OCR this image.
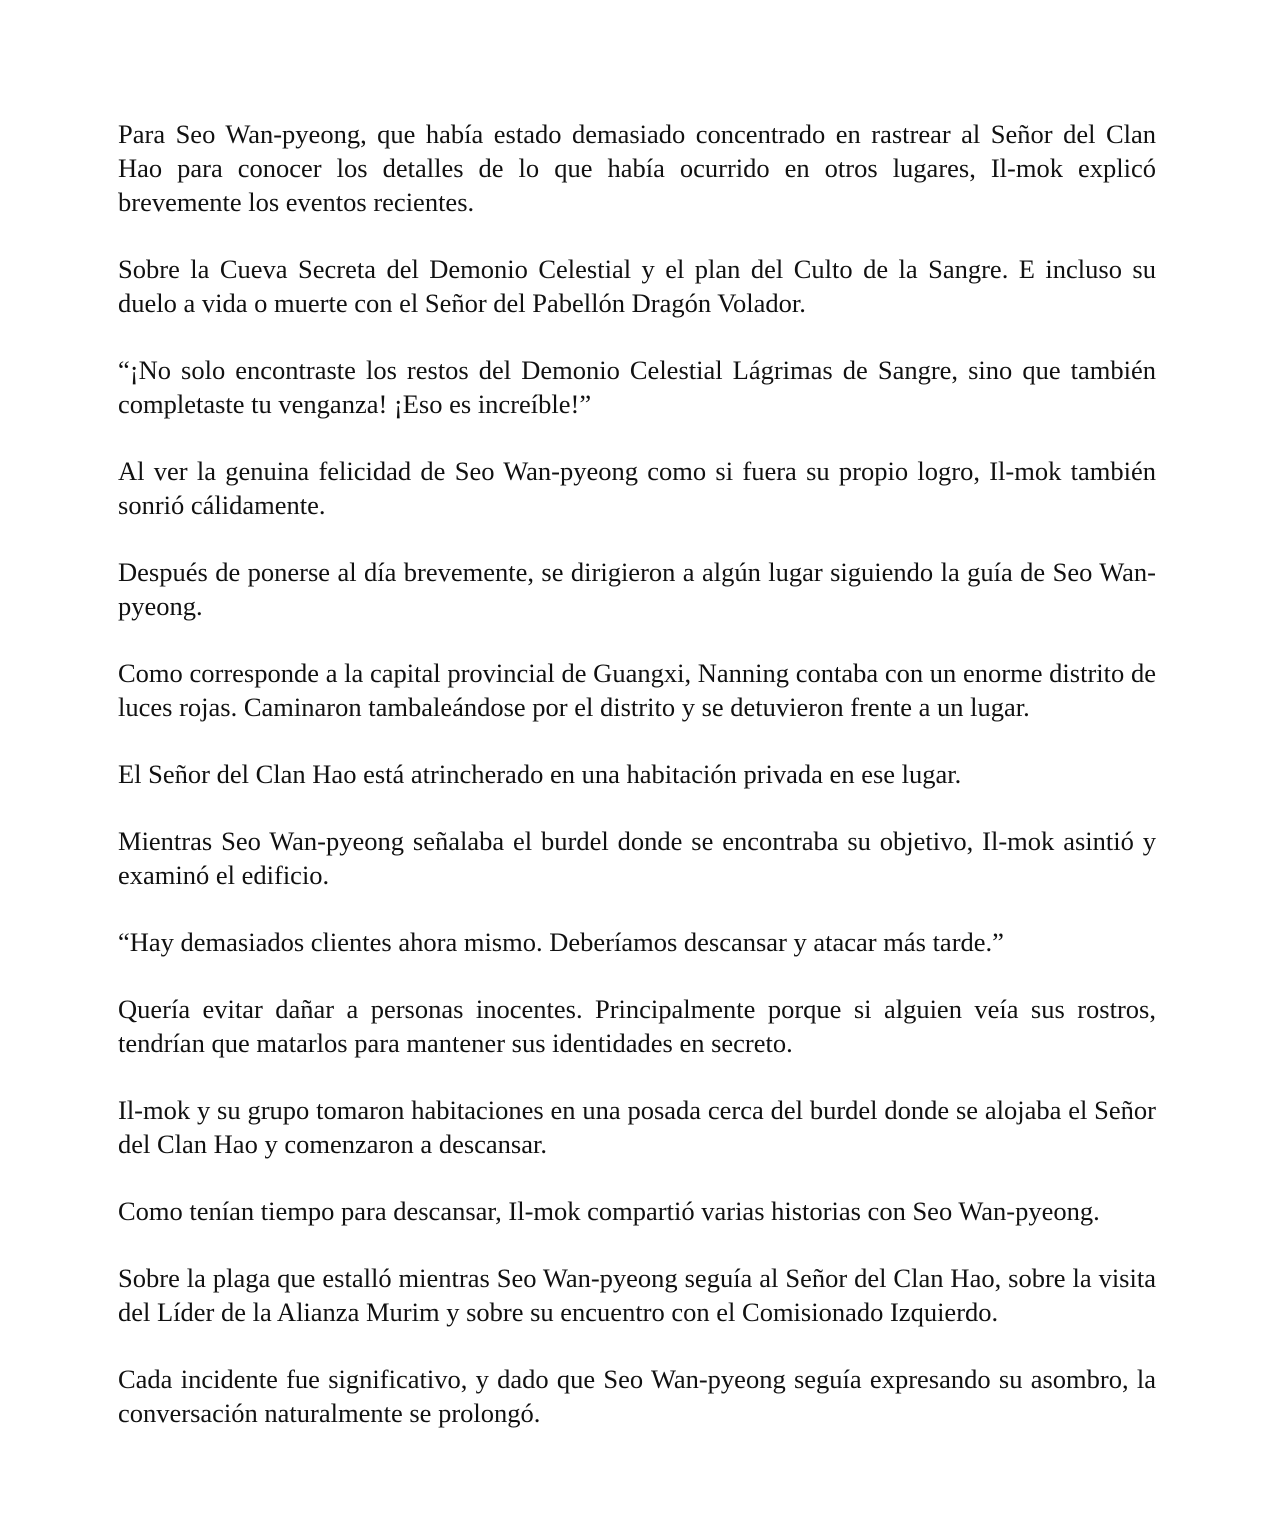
Para Seo Wan-pyeong, que había estado demasiado concentrado en rastrear al Señor del Clan Hao para conocer los detalles de lo que había ocurrido en otros lugares, Il-mok explicó brevemente los eventos recientes.

Sobre la Cueva Secreta del Demonio Celestial y el plan del Culto de la Sangre. E incluso su duelo a vida o muerte con el Señor del Pabellón Dragón Volador.

“¡No solo encontraste los restos del Demonio Celestial Lágrimas de Sangre, sino que también completaste tu venganza! ¡Eso es increíble!”

Al ver la genuina felicidad de Seo Wan-pyeong como si fuera su propio logro, Il-mok también sonrió cálidamente.

Después de ponerse al día brevemente, se dirigieron a algún lugar siguiendo la guía de Seo Wan-pyeong.

Como corresponde a la capital provincial de Guangxi, Nanning contaba con un enorme distrito de luces rojas. Caminaron tambaleándose por el distrito y se detuvieron frente a un lugar.

El Señor del Clan Hao está atrincherado en una habitación privada en ese lugar.

Mientras Seo Wan-pyeong señalaba el burdel donde se encontraba su objetivo, Il-mok asintió y examinó el edificio.

“Hay demasiados clientes ahora mismo. Deberíamos descansar y atacar más tarde.”

Quería evitar dañar a personas inocentes. Principalmente porque si alguien veía sus rostros, tendrían que matarlos para mantener sus identidades en secreto.

Il-mok y su grupo tomaron habitaciones en una posada cerca del burdel donde se alojaba el Señor del Clan Hao y comenzaron a descansar.

Como tenían tiempo para descansar, Il-mok compartió varias historias con Seo Wan-pyeong.

Sobre la plaga que estalló mientras Seo Wan-pyeong seguía al Señor del Clan Hao, sobre la visita del Líder de la Alianza Murim y sobre su encuentro con el Comisionado Izquierdo.

Cada incidente fue significativo, y dado que Seo Wan-pyeong seguía expresando su asombro, la conversación naturalmente se prolongó.
